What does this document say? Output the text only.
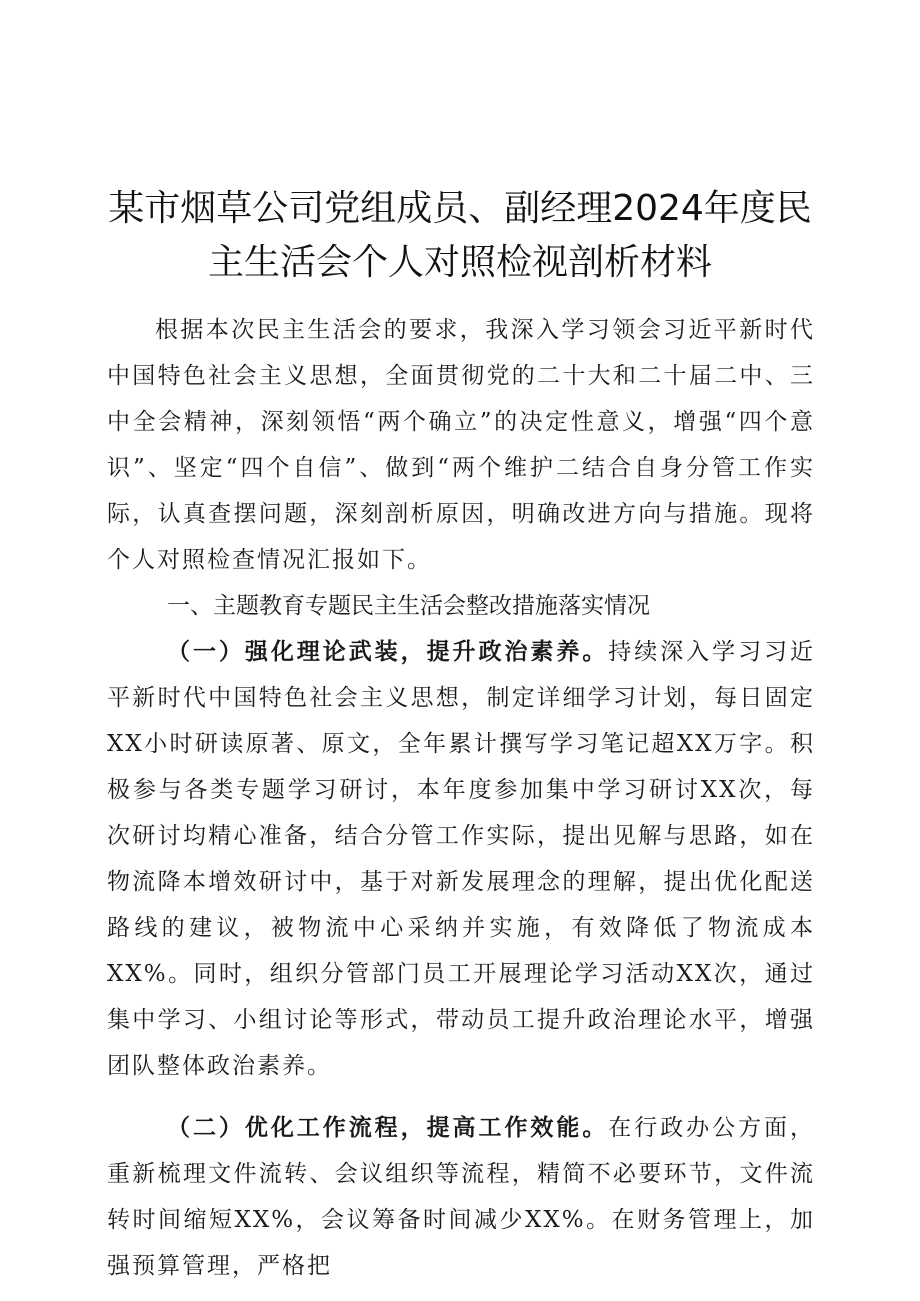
某市烟草公司党组成员、副经理2024年度民
主生活会个人对照检视剖析材料

根据本次民主生活会的要求，我深入学习领会习近平新时代中国特色社会主义思想，全面贯彻党的二十大和二十届二中、三中全会精神，深刻领悟“两个确立”的决定性意义，增强“四个意识”、坚定“四个自信”、做到“两个维护二结合自身分管工作实际，认真查摆问题，深刻剖析原因，明确改进方向与措施。现将个人对照检查情况汇报如下。

一、主题教育专题民主生活会整改措施落实情况

（一）强化理论武装，提升政治素养。持续深入学习习近平新时代中国特色社会主义思想，制定详细学习计划，每日固定XX小时研读原著、原文，全年累计撰写学习笔记超XX万字。积极参与各类专题学习研讨，本年度参加集中学习研讨XX次，每次研讨均精心准备，结合分管工作实际，提出见解与思路，如在物流降本增效研讨中，基于对新发展理念的理解，提出优化配送路线的建议，被物流中心采纳并实施，有效降低了物流成本XX%。同时，组织分管部门员工开展理论学习活动XX次，通过集中学习、小组讨论等形式，带动员工提升政治理论水平，增强团队整体政治素养。

（二）优化工作流程，提高工作效能。在行政办公方面，重新梳理文件流转、会议组织等流程，精简不必要环节，文件流转时间缩短XX%，会议筹备时间减少XX%。在财务管理上，加强预算管理，严格把
